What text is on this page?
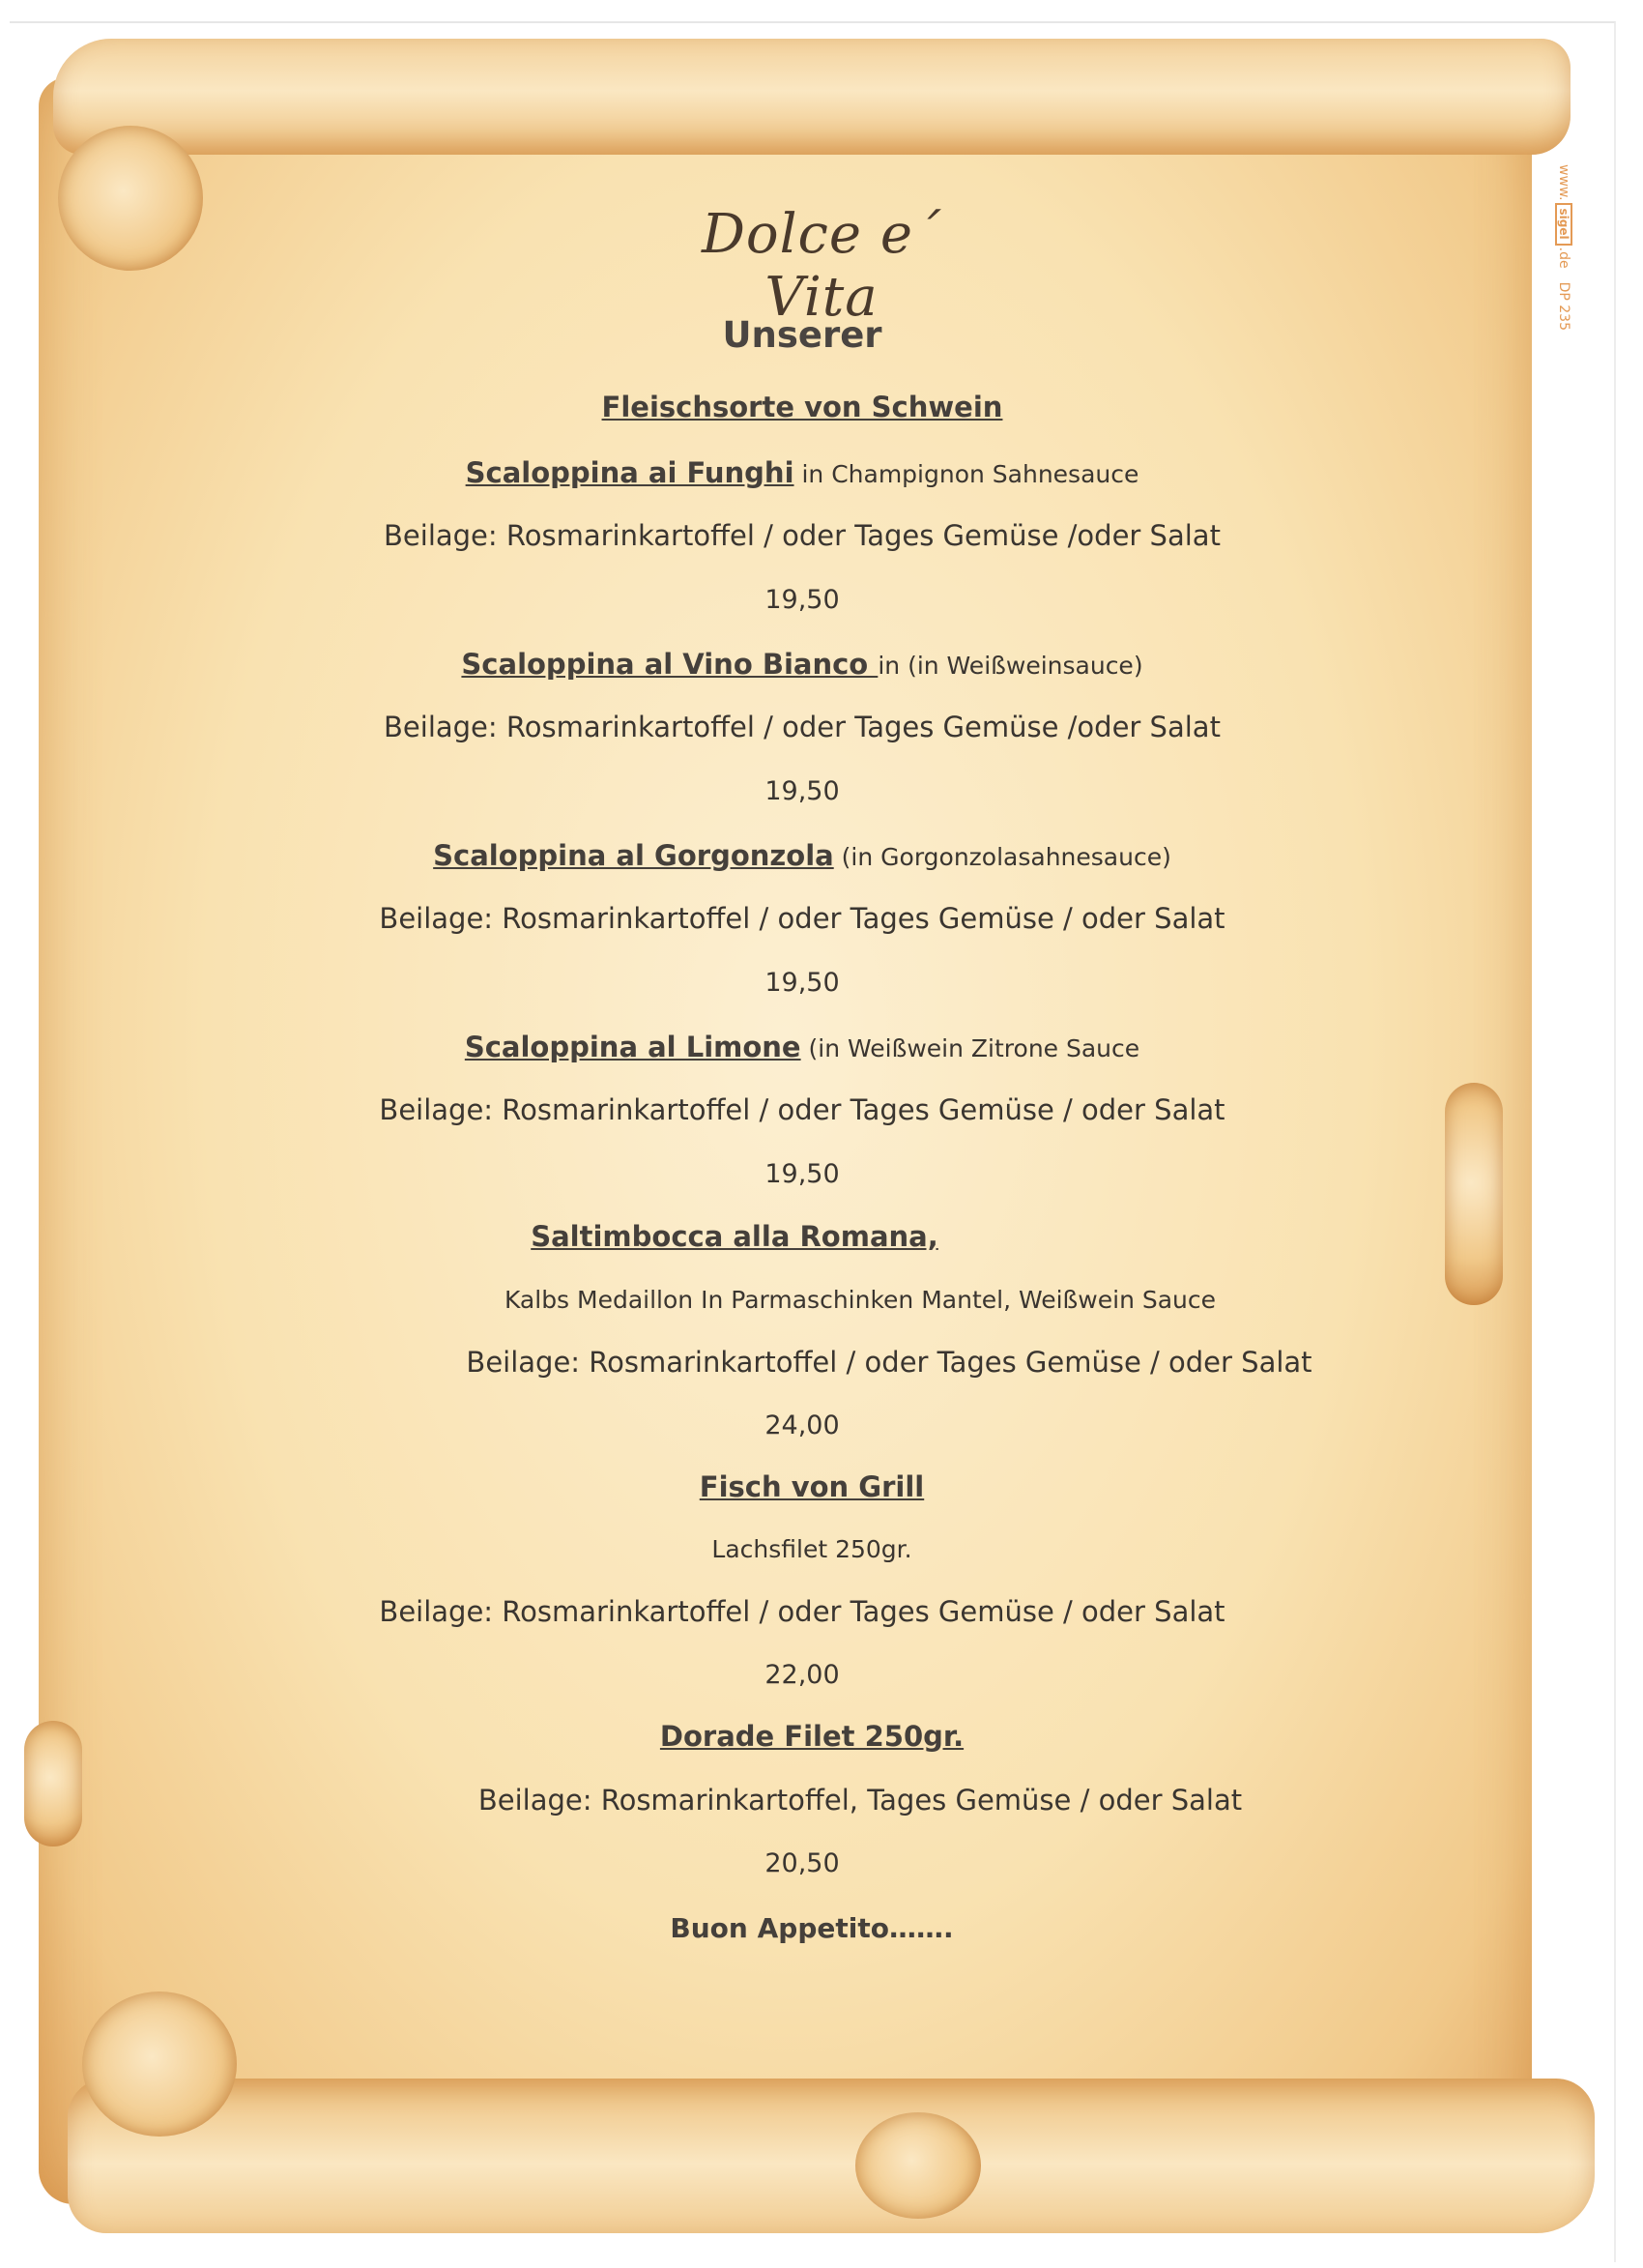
www.
sigel
.de
DP 235
Dolce e´ Vita
Unserer
Fleischsorte von Schwein
Scaloppina ai Funghi in Champignon Sahnesauce
Beilage: Rosmarinkartoffel / oder Tages Gemüse /oder Salat
19,50
Scaloppina al Vino Bianco in (in Weißweinsauce)
Beilage: Rosmarinkartoffel / oder Tages Gemüse /oder Salat
19,50
Scaloppina al Gorgonzola (in Gorgonzolasahnesauce)
Beilage: Rosmarinkartoffel / oder Tages Gemüse / oder Salat
19,50
Scaloppina al Limone (in Weißwein Zitrone Sauce
Beilage: Rosmarinkartoffel / oder Tages Gemüse / oder Salat
19,50
Saltimbocca alla Romana,
Kalbs Medaillon In Parmaschinken Mantel, Weißwein Sauce
Beilage: Rosmarinkartoffel / oder Tages Gemüse / oder Salat
24,00
Fisch von Grill
Lachsfilet 250gr.
Beilage: Rosmarinkartoffel / oder Tages Gemüse / oder Salat
22,00
Dorade Filet 250gr.
Beilage: Rosmarinkartoffel, Tages Gemüse / oder Salat
20,50
Buon Appetito…….
